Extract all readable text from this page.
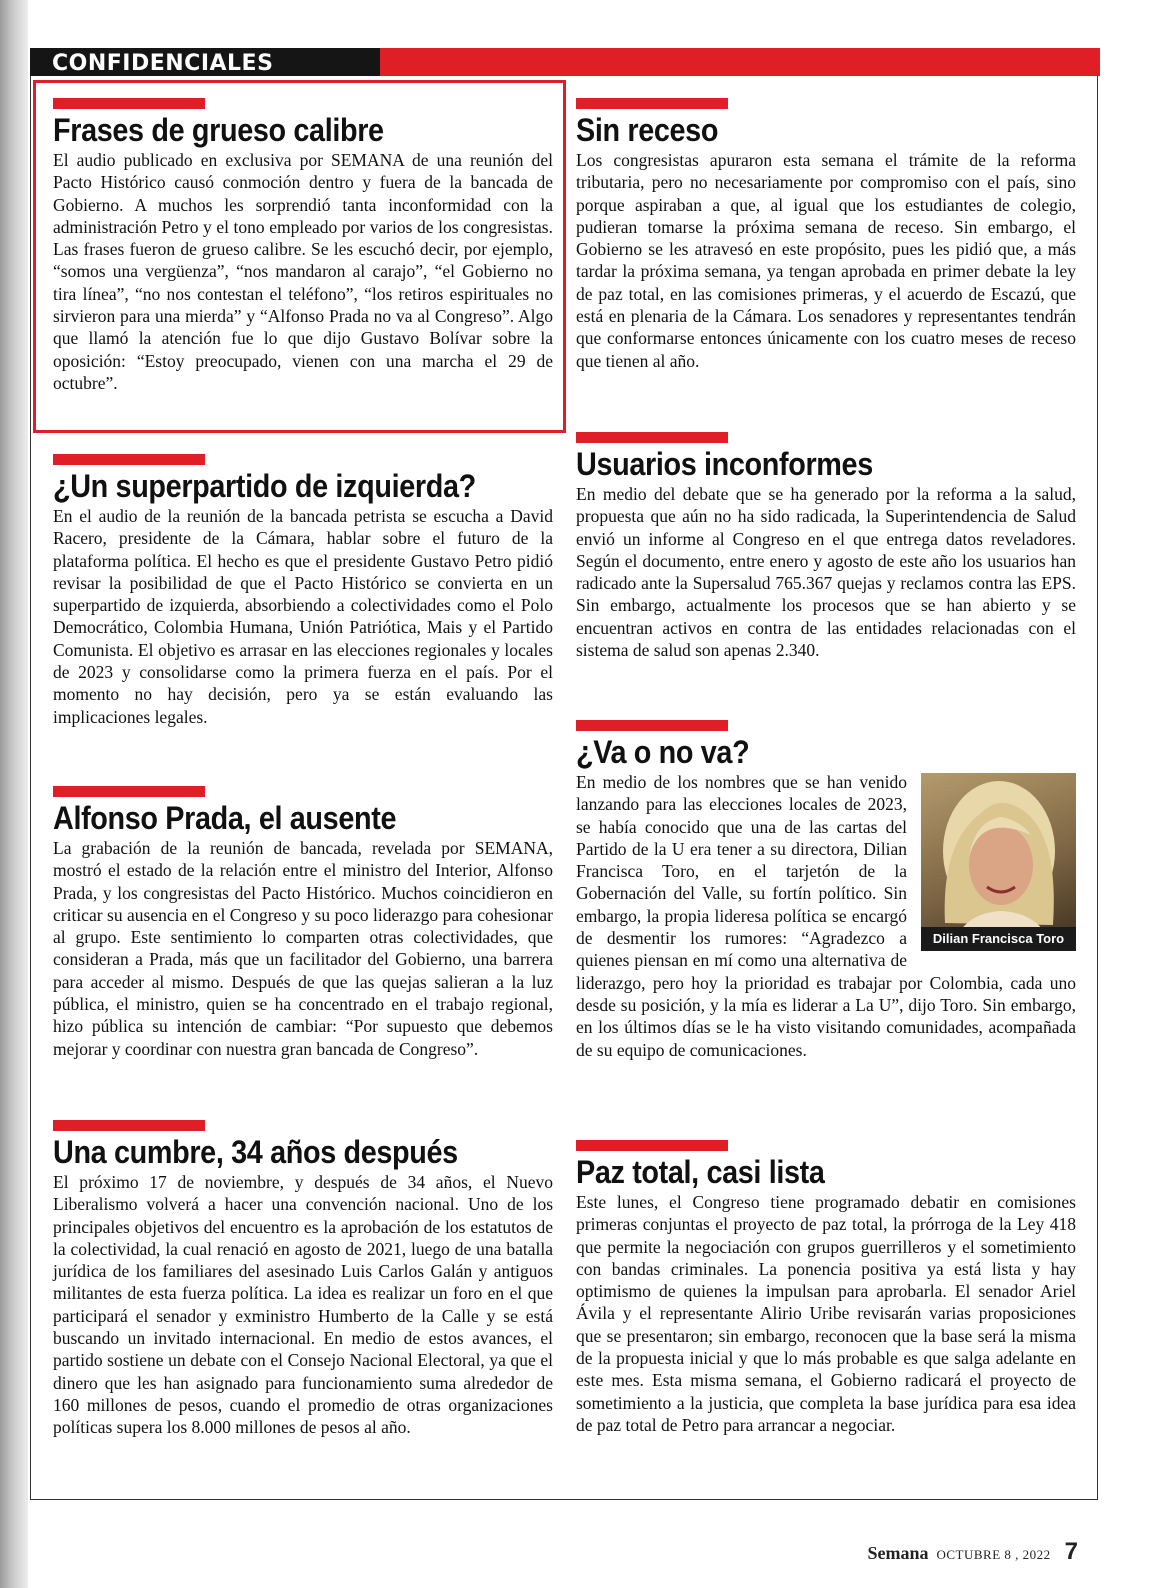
CONFIDENCIALES
Frases de grueso calibre

El audio publicado en exclusiva por SEMANA de una reunión del Pacto Histórico causó conmoción dentro y fuera de la bancada de Gobierno. A muchos les sorprendió tanta inconformidad con la administración Petro y el tono empleado por varios de los congresistas. Las frases fueron de grueso calibre. Se les escuchó decir, por ejemplo, “somos una vergüenza”, “nos mandaron al carajo”, “el Gobierno no tira línea”, “no nos contestan el teléfono”, “los retiros espirituales no sirvieron para una mierda” y “Alfonso Prada no va al Congreso”. Algo que llamó la atención fue lo que dijo Gustavo Bolívar sobre la oposición: “Estoy preocupado, vienen con una marcha el 29 de octubre”.

¿Un superpartido de izquierda?

En el audio de la reunión de la bancada petrista se escucha a David Racero, presidente de la Cámara, hablar sobre el futuro de la plataforma política. El hecho es que el presidente Gustavo Petro pidió revisar la posibilidad de que el Pacto Histórico se convierta en un superpartido de izquierda, absorbiendo a colectividades como el Polo Democrático, Colombia Humana, Unión Patriótica, Mais y el Partido Comunista. El objetivo es arrasar en las elecciones regionales y locales de 2023 y consolidarse como la primera fuerza en el país. Por el momento no hay decisión, pero ya se están evaluando las implicaciones legales.

Alfonso Prada, el ausente

La grabación de la reunión de bancada, revelada por SEMANA, mostró el estado de la relación entre el ministro del Interior, Alfonso Prada, y los congresistas del Pacto Histórico. Muchos coincidieron en criticar su ausencia en el Congreso y su poco liderazgo para cohesionar al grupo. Este sentimiento lo comparten otras colectividades, que consideran a Prada, más que un facilitador del Gobierno, una barrera para acceder al mismo. Después de que las quejas salieran a la luz pública, el ministro, quien se ha concentrado en el trabajo regional, hizo pública su intención de cambiar: “Por supuesto que debemos mejorar y coordinar con nuestra gran bancada de Congreso”.

Una cumbre, 34 años después

El próximo 17 de noviembre, y después de 34 años, el Nuevo Liberalismo volverá a hacer una convención nacional. Uno de los principales objetivos del encuentro es la aprobación de los estatutos de la colectividad, la cual renació en agosto de 2021, luego de una batalla jurídica de los familiares del asesinado Luis Carlos Galán y antiguos militantes de esta fuerza política. La idea es realizar un foro en el que participará el senador y exministro Humberto de la Calle y se está buscando un invitado internacional. En medio de estos avances, el partido sostiene un debate con el Consejo Nacional Electoral, ya que el dinero que les han asignado para funcionamiento suma alrededor de 160 millones de pesos, cuando el promedio de otras organizaciones políticas supera los 8.000 millones de pesos al año.

Sin receso

Los congresistas apuraron esta semana el trámite de la reforma tributaria, pero no necesariamente por compromiso con el país, sino porque aspiraban a que, al igual que los estudiantes de colegio, pudieran tomarse la próxima semana de receso. Sin embargo, el Gobierno se les atravesó en este propósito, pues les pidió que, a más tardar la próxima semana, ya tengan aprobada en primer debate la ley de paz total, en las comisiones primeras, y el acuerdo de Escazú, que está en plenaria de la Cámara. Los senadores y representantes tendrán que conformarse entonces únicamente con los cuatro meses de receso que tienen al año.

Usuarios inconformes

En medio del debate que se ha generado por la reforma a la salud, propuesta que aún no ha sido radicada, la Superintendencia de Salud envió un informe al Congreso en el que entrega datos reveladores. Según el documento, entre enero y agosto de este año los usuarios han radicado ante la Supersalud 765.367 quejas y reclamos contra las EPS. Sin embargo, actualmente los procesos que se han abierto y se encuentran activos en contra de las entidades relacionadas con el sistema de salud son apenas 2.340.

¿Va o no va?
Dilian Francisca Toro

En medio de los nombres que se han venido lanzando para las elecciones locales de 2023, se había conocido que una de las cartas del Partido de la U era tener a su directora, Dilian Francisca Toro, en el tarjetón de la Gobernación del Valle, su fortín político. Sin embargo, la propia lideresa política se encargó de desmentir los rumores: “Agradezco a quienes piensan en mí como una alternativa de liderazgo, pero hoy la prioridad es trabajar por Colombia, cada uno desde su posición, y la mía es liderar a La U”, dijo Toro. Sin embargo, en los últimos días se le ha visto visitando comunidades, acompañada de su equipo de comunicaciones.

Paz total, casi lista

Este lunes, el Congreso tiene programado debatir en comisiones primeras conjuntas el proyecto de paz total, la prórroga de la Ley 418 que permite la negociación con grupos guerrilleros y el sometimiento con bandas criminales. La ponencia positiva ya está lista y hay optimismo de quienes la impulsan para aprobarla. El senador Ariel Ávila y el representante Alirio Uribe revisarán varias proposiciones que se presentaron; sin embargo, reconocen que la base será la misma de la propuesta inicial y que lo más probable es que salga adelante en este mes. Esta misma semana, el Gobierno radicará el proyecto de sometimiento a la justicia, que completa la base jurídica para esa idea de paz total de Petro para arrancar a negociar.

Semana OCTUBRE 8 , 2022 7
